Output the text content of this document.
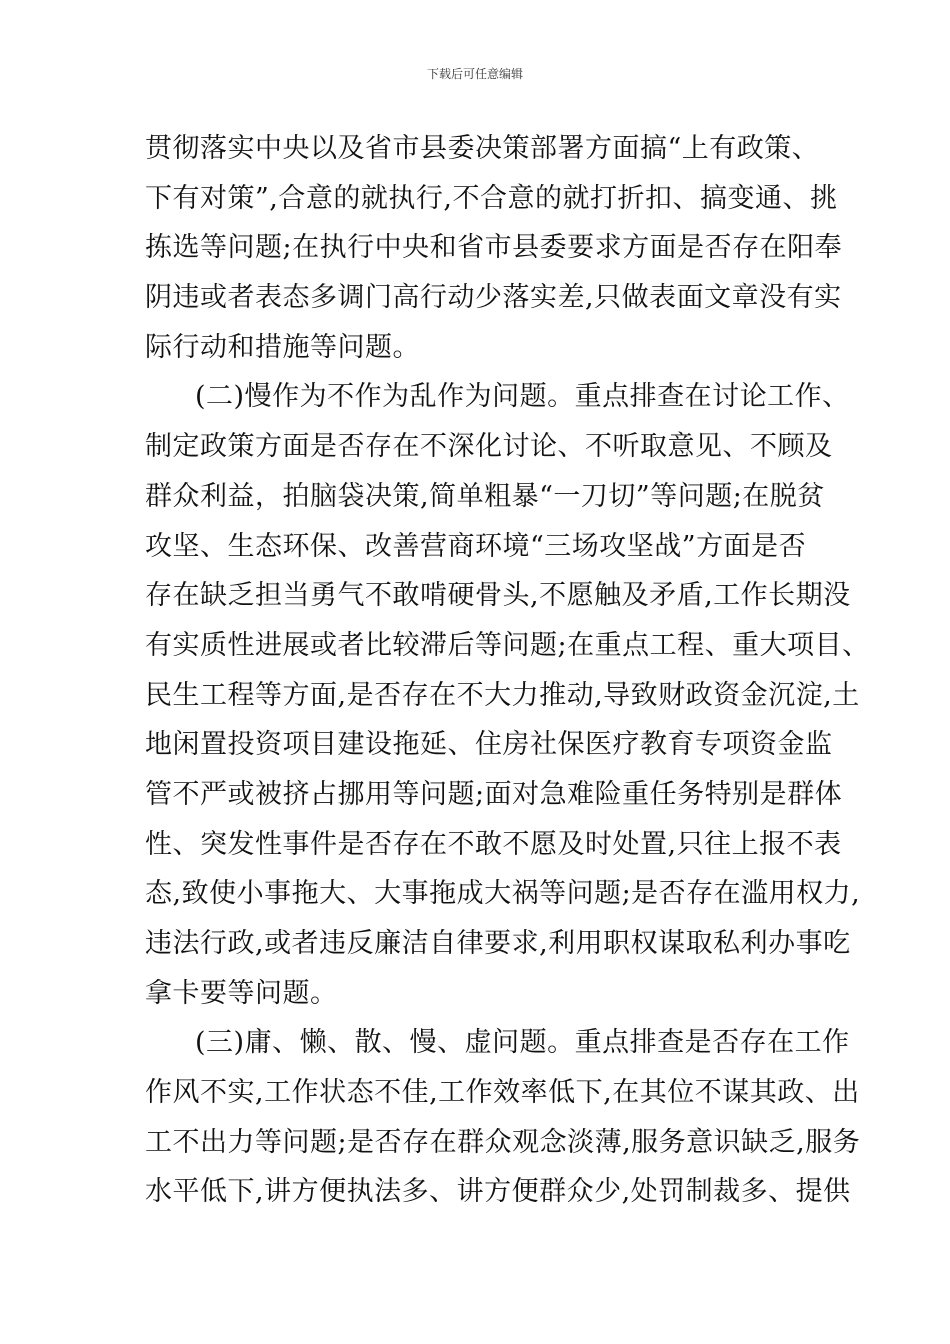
下载后可任意编辑
贯彻落实中央以及省市县委决策部署方面搞“上有政策、
下有对策”,合意的就执行,不合意的就打折扣、搞变通、挑
拣选等问题;在执行中央和省市县委要求方面是否存在阳奉
阴违或者表态多调门高行动少落实差,只做表面文章没有实
际行动和措施等问题。
(二)慢作为不作为乱作为问题。重点排查在讨论工作、
制定政策方面是否存在不深化讨论、不听取意见、不顾及
群众利益，拍脑袋决策,简单粗暴“一刀切”等问题;在脱贫
攻坚、生态环保、改善营商环境“三场攻坚战”方面是否
存在缺乏担当勇气不敢啃硬骨头,不愿触及矛盾,工作长期没
有实质性进展或者比较滞后等问题;在重点工程、重大项目、
民生工程等方面,是否存在不大力推动,导致财政资金沉淀,土
地闲置投资项目建设拖延、住房社保医疗教育专项资金监
管不严或被挤占挪用等问题;面对急难险重任务特别是群体
性、突发性事件是否存在不敢不愿及时处置,只往上报不表
态,致使小事拖大、大事拖成大祸等问题;是否存在滥用权力,
违法行政,或者违反廉洁自律要求,利用职权谋取私利办事吃
拿卡要等问题。
(三)庸、懒、散、慢、虚问题。重点排查是否存在工作
作风不实,工作状态不佳,工作效率低下,在其位不谋其政、出
工不出力等问题;是否存在群众观念淡薄,服务意识缺乏,服务
水平低下,讲方便执法多、讲方便群众少,处罚制裁多、提供
